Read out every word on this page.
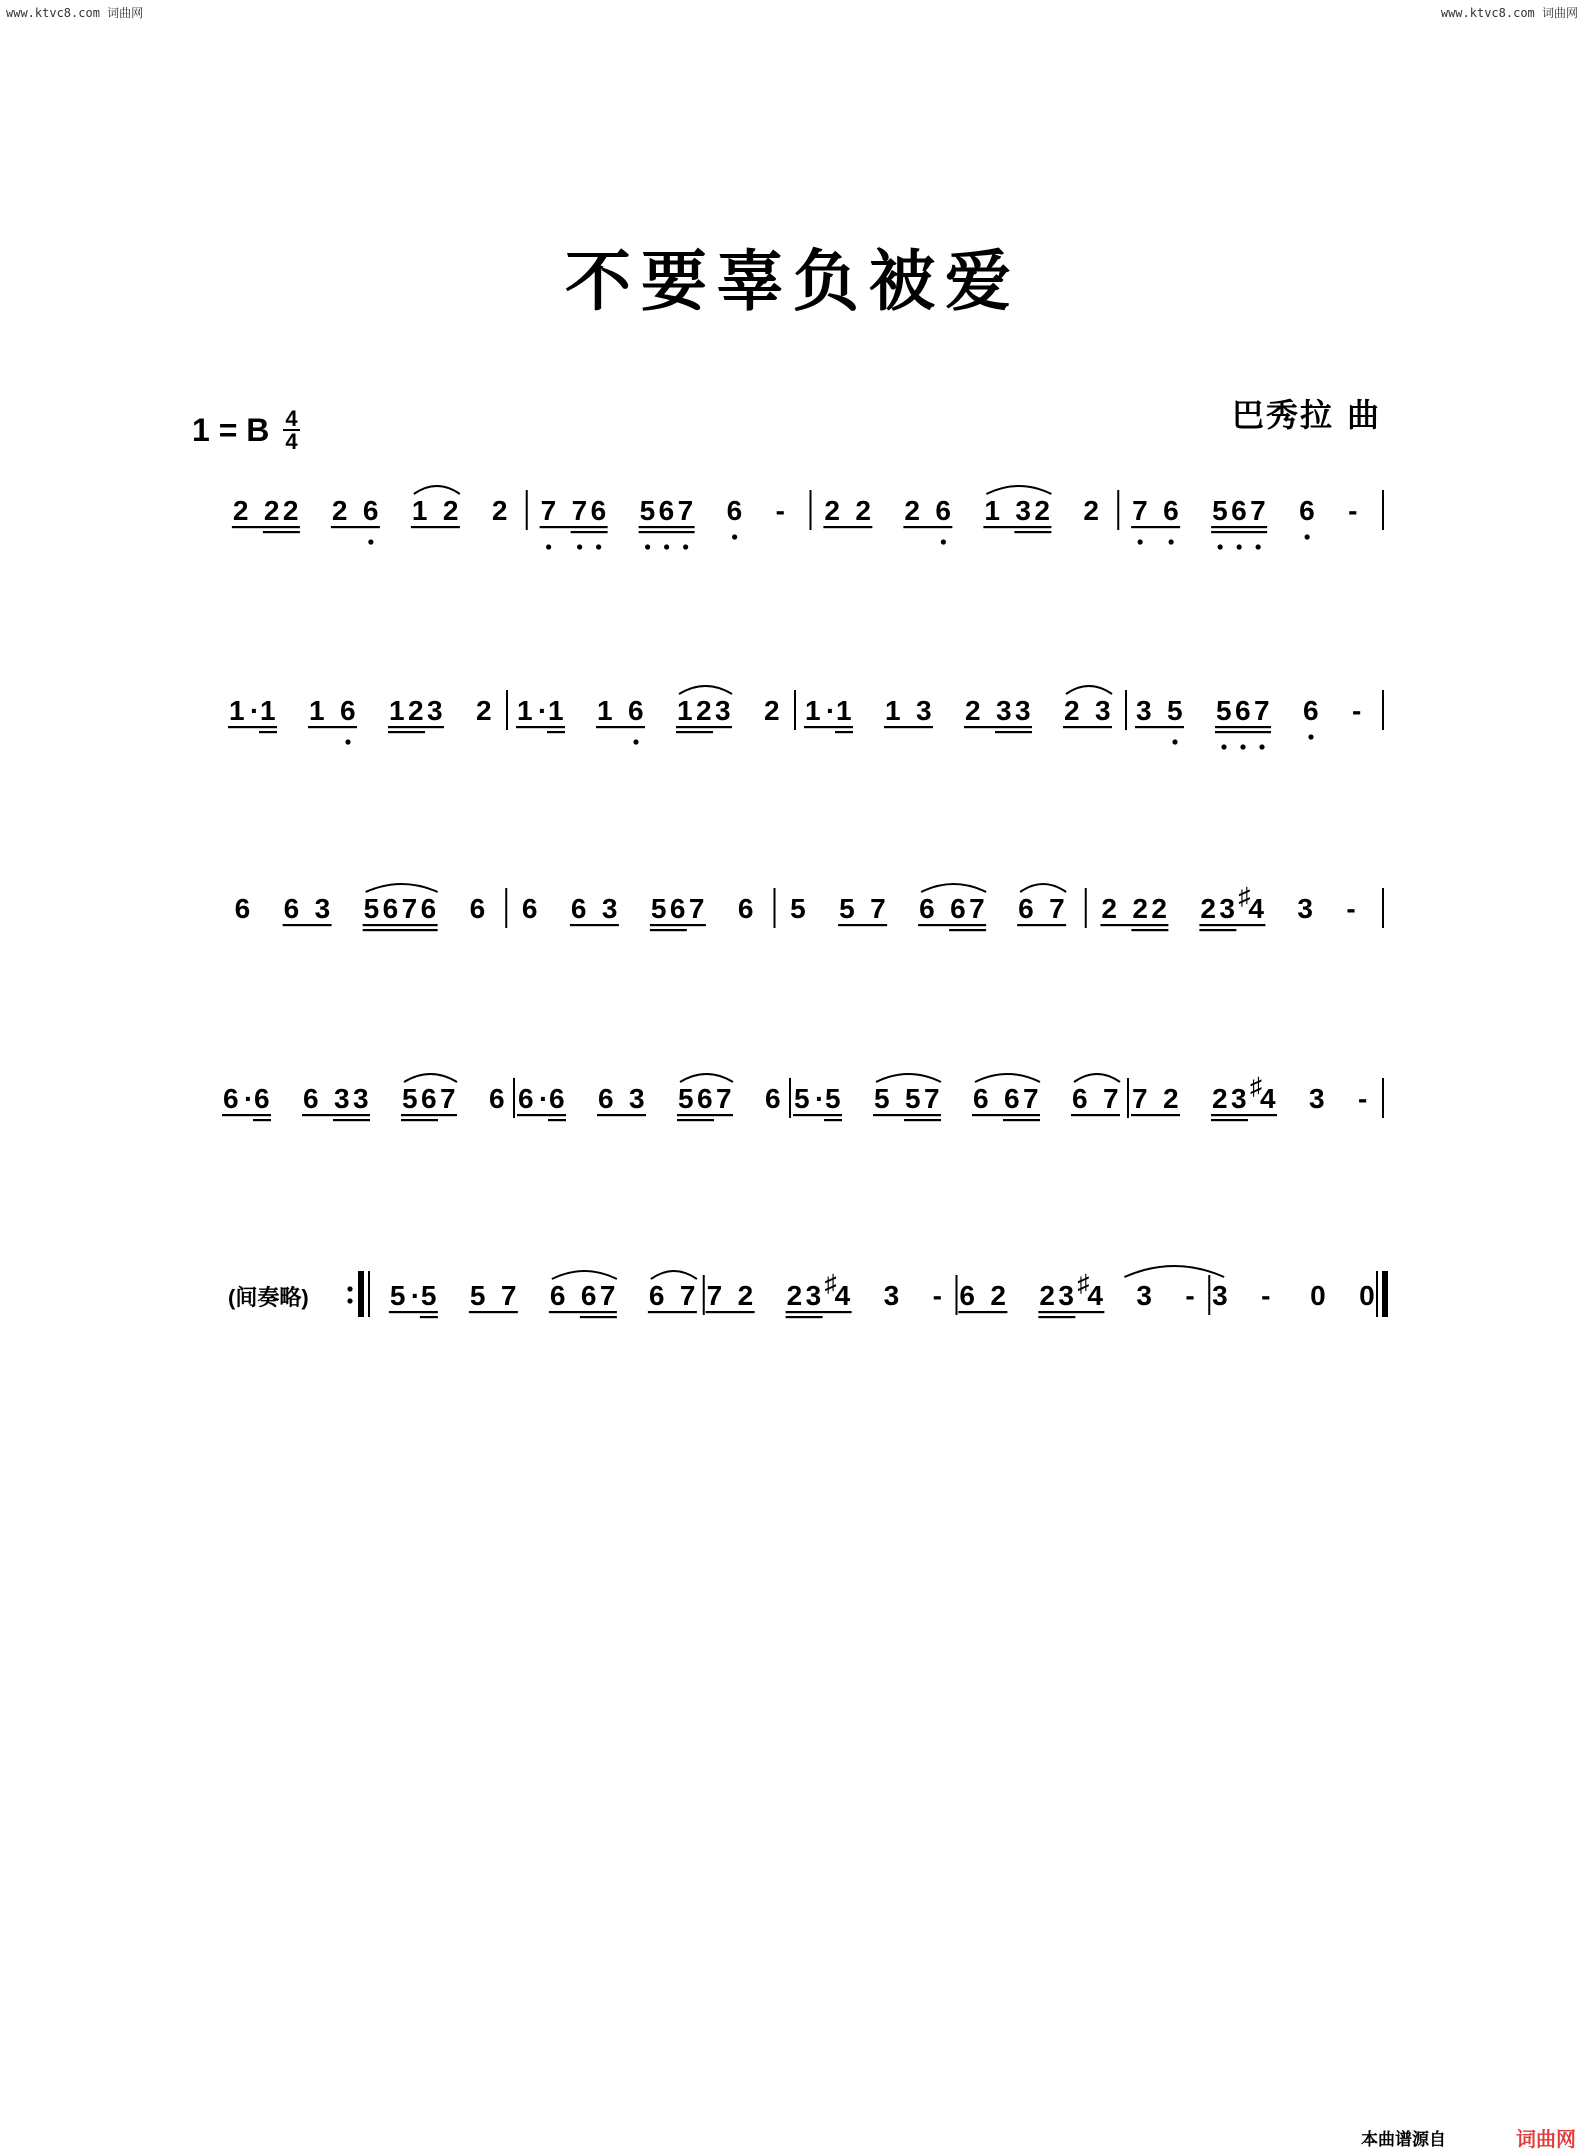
www.ktvc8.com 词曲网	www.ktvc8.com 词曲网
不要辜负被爱
巴秀拉 曲
1 = B $\frac{4}{4}$
2 2 2 2 6 1 2 2 7 7 6 5 6 7 6 - 2 2 2 6 1 3 2 2 7 6 5 6 7 6 -
1 · 1 1 6 1 2 3 2 1 · 1 1 6 1 2 3 2 1 · 1 1 3 2 3 3 2 3 3 5 5 6 7 6 -
6 6 3 5 6 7 6 6 6 6 3 5 6 7 6 5 5 7 6 6 7 6 7 2 2 2 2 3 ♯
4 3 -
6 · 6 6 3 3 5 6 7 6 6 · 6 6 3 5 6 7 6 5 · 5 5 5 7 6 6 7 6 7 7 2 2 3 ♯
4 3 -
(间奏略)	5 · 5 5 7 6 6 7 6 7 7 2 2 3 ♯
4 3 - 6 2 2 3 ♯
4 3 - 3 - 0 0
本曲谱源自	词曲网
